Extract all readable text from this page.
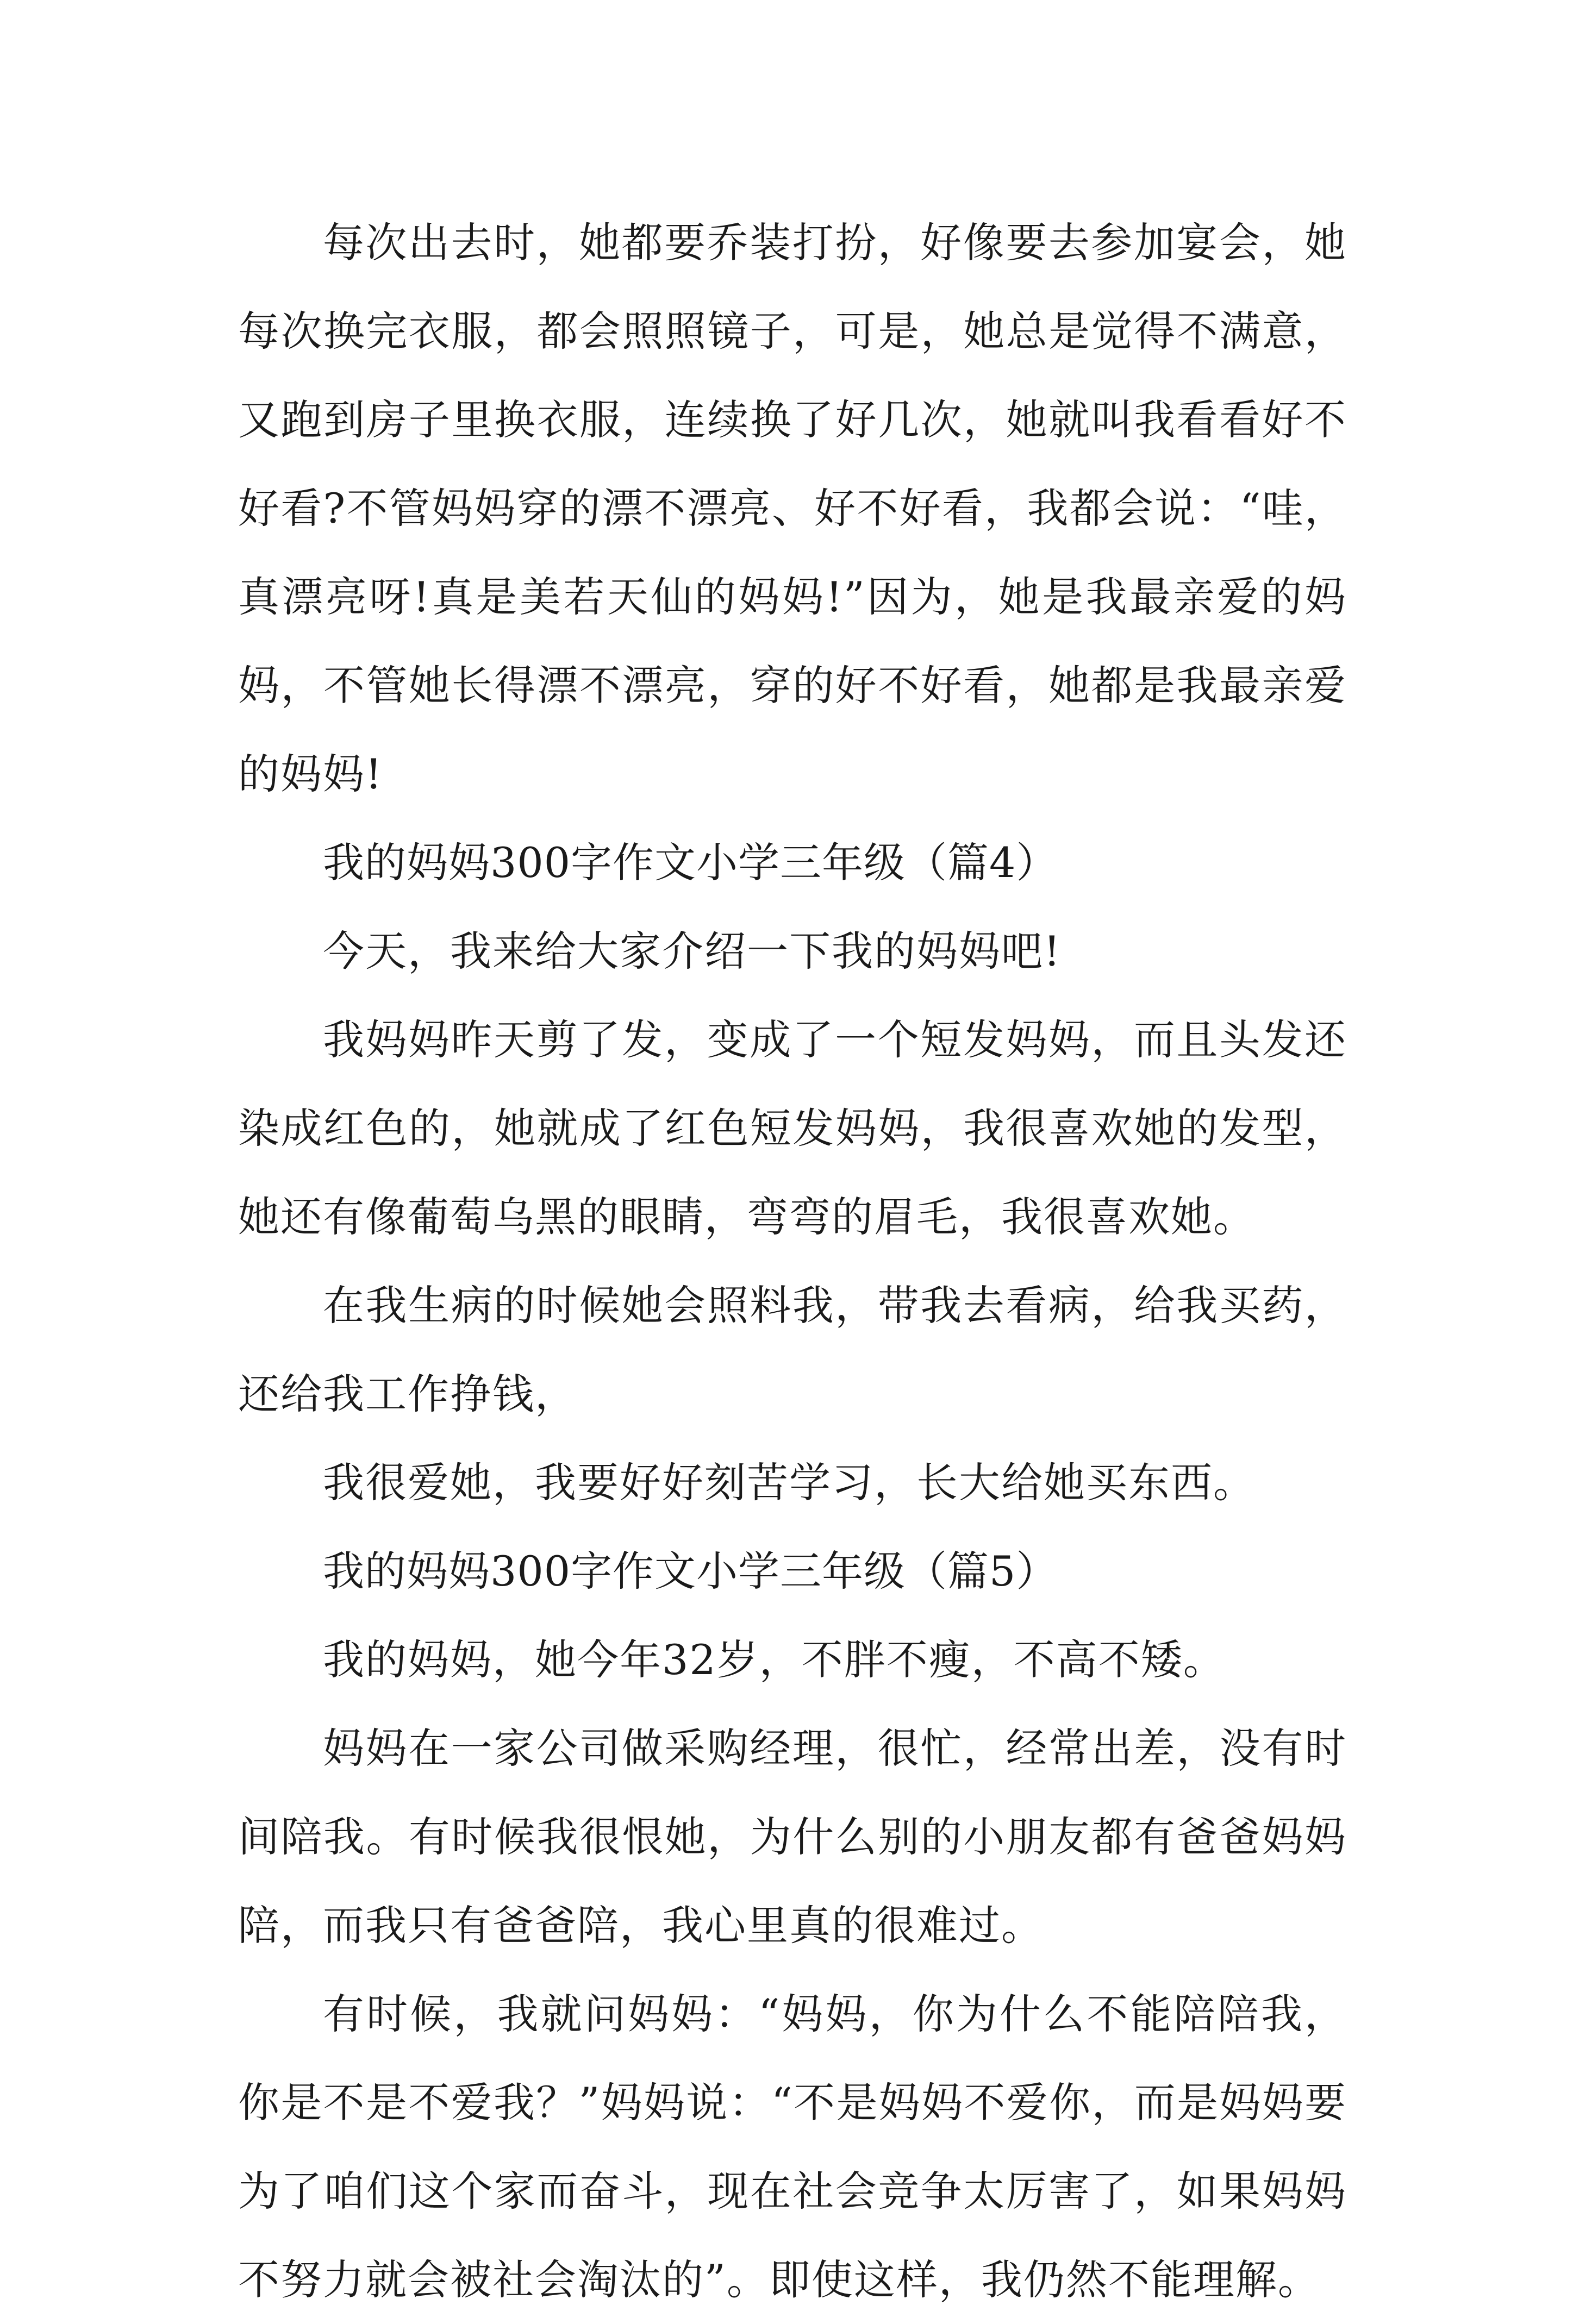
每次出去时，她都要乔装打扮，好像要去参加宴会，她每次换完衣服，都会照照镜子，可是，她总是觉得不满意，又跑到房子里换衣服，连续换了好几次，她就叫我看看好不好看?不管妈妈穿的漂不漂亮、好不好看，我都会说：“哇，真漂亮呀!真是美若天仙的妈妈!”因为，她是我最亲爱的妈妈，不管她长得漂不漂亮，穿的好不好看，她都是我最亲爱的妈妈!

我的妈妈300字作文小学三年级（篇4）

今天，我来给大家介绍一下我的妈妈吧!

我妈妈昨天剪了发，变成了一个短发妈妈，而且头发还染成红色的，她就成了红色短发妈妈，我很喜欢她的发型，她还有像葡萄乌黑的眼睛，弯弯的眉毛，我很喜欢她。

在我生病的时候她会照料我，带我去看病，给我买药，还给我工作挣钱，

我很爱她，我要好好刻苦学习，长大给她买东西。

我的妈妈300字作文小学三年级（篇5）

我的妈妈，她今年32岁，不胖不瘦，不高不矮。

妈妈在一家公司做采购经理，很忙，经常出差，没有时间陪我。有时候我很恨她，为什么别的小朋友都有爸爸妈妈陪，而我只有爸爸陪，我心里真的很难过。

有时候，我就问妈妈：“妈妈，你为什么不能陪陪我，你是不是不爱我？”妈妈说：“不是妈妈不爱你，而是妈妈要为了咱们这个家而奋斗，现在社会竞争太厉害了，如果妈妈不努力就会被社会淘汰的”。即使这样，我仍然不能理解。
